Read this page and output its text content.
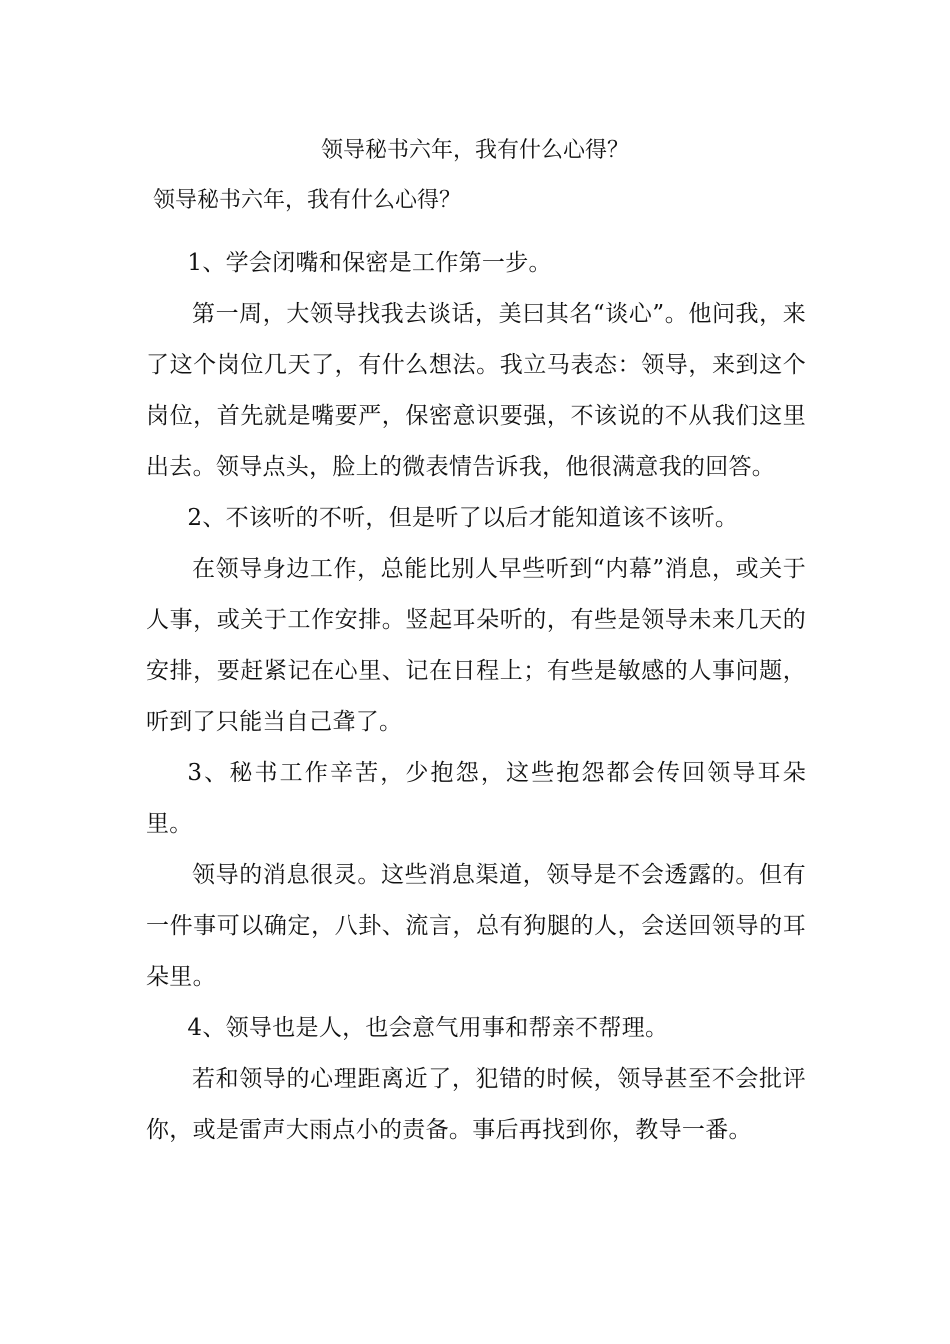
领导秘书六年，我有什么心得？
领导秘书六年，我有什么心得？

1、学会闭嘴和保密是工作第一步。

第一周，大领导找我去谈话，美曰其名“谈心”。他问我，来了这个岗位几天了，有什么想法。我立马表态：领导，来到这个岗位，首先就是嘴要严，保密意识要强，不该说的不从我们这里出去。领导点头，脸上的微表情告诉我，他很满意我的回答。

2、不该听的不听，但是听了以后才能知道该不该听。

在领导身边工作，总能比别人早些听到“内幕”消息，或关于人事，或关于工作安排。竖起耳朵听的，有些是领导未来几天的安排，要赶紧记在心里、记在日程上；有些是敏感的人事问题，听到了只能当自己聋了。

3、秘书工作辛苦，少抱怨，这些抱怨都会传回领导耳朵里。

领导的消息很灵。这些消息渠道，领导是不会透露的。但有一件事可以确定，八卦、流言，总有狗腿的人，会送回领导的耳朵里。

4、领导也是人，也会意气用事和帮亲不帮理。

若和领导的心理距离近了，犯错的时候，领导甚至不会批评你，或是雷声大雨点小的责备。事后再找到你，教导一番。
